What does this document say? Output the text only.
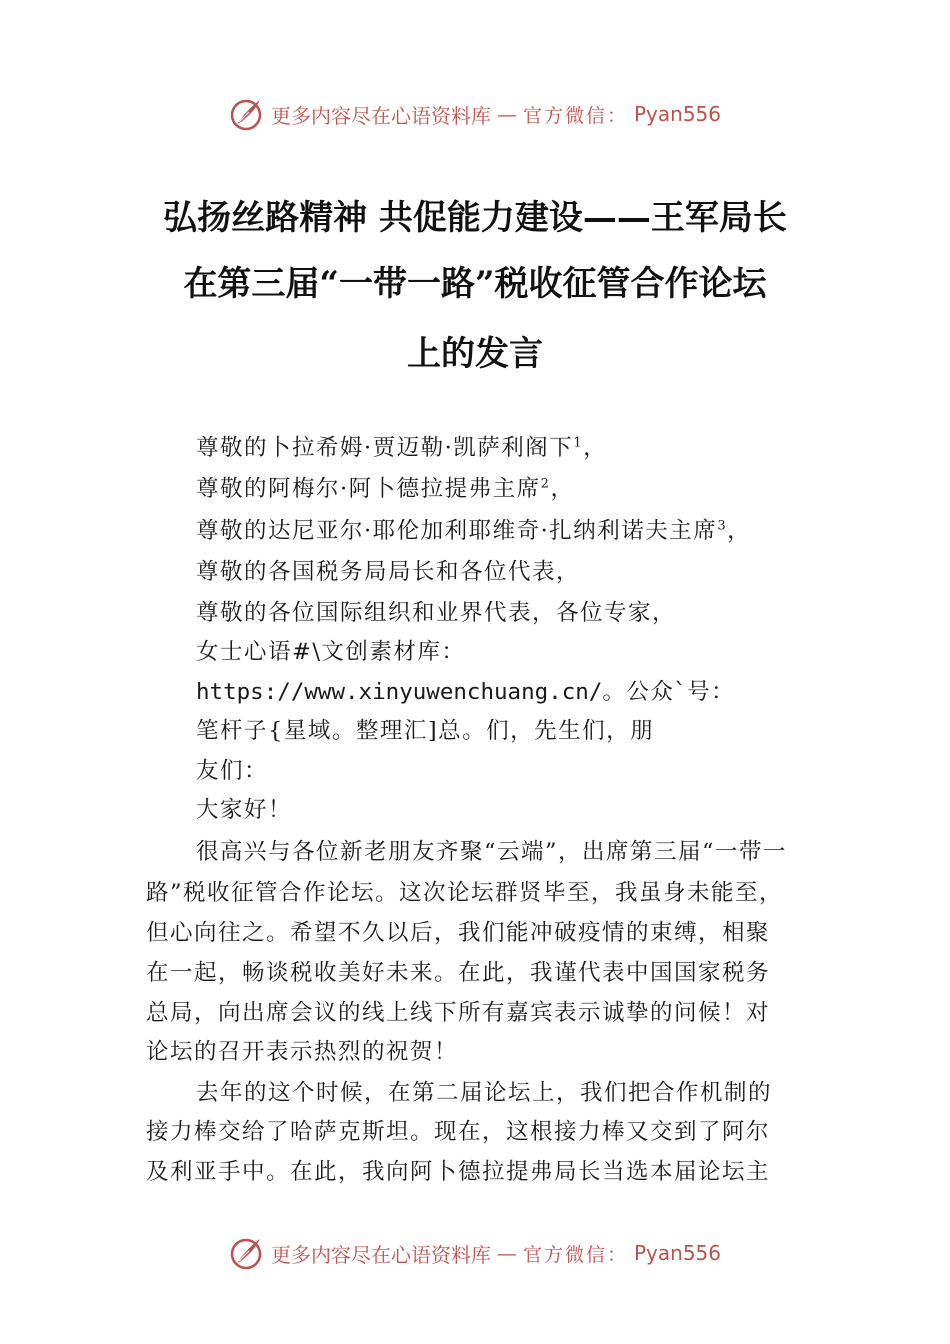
更多内容尽在心语资料库 — 官方微信： Pyan556
弘扬丝路精神 共促能力建设——王军局长
在第三届“一带一路”税收征管合作论坛
上的发言
尊敬的卜拉希姆·贾迈勒·凯萨利阁下$^1$，
尊敬的阿梅尔·阿卜德拉提弗主席$^2$，
尊敬的达尼亚尔·耶伦加利耶维奇·扎纳利诺夫主席$^3$，
尊敬的各国税务局局长和各位代表，
尊敬的各位国际组织和业界代表，各位专家，
女士心语#\文创素材库：
https://www.xinyuwenchuang.cn/。公众`号：
笔杆子{星域。整理汇]总。们，先生们，朋
友们：
大家好！
很高兴与各位新老朋友齐聚“云端”，出席第三届“一带一
路”税收征管合作论坛。这次论坛群贤毕至，我虽身未能至，
但心向往之。希望不久以后，我们能冲破疫情的束缚，相聚
在一起，畅谈税收美好未来。在此，我谨代表中国国家税务
总局，向出席会议的线上线下所有嘉宾表示诚挚的问候！对
论坛的召开表示热烈的祝贺！
去年的这个时候，在第二届论坛上，我们把合作机制的
接力棒交给了哈萨克斯坦。现在，这根接力棒又交到了阿尔
及利亚手中。在此，我向阿卜德拉提弗局长当选本届论坛主
更多内容尽在心语资料库 — 官方微信： Pyan556
